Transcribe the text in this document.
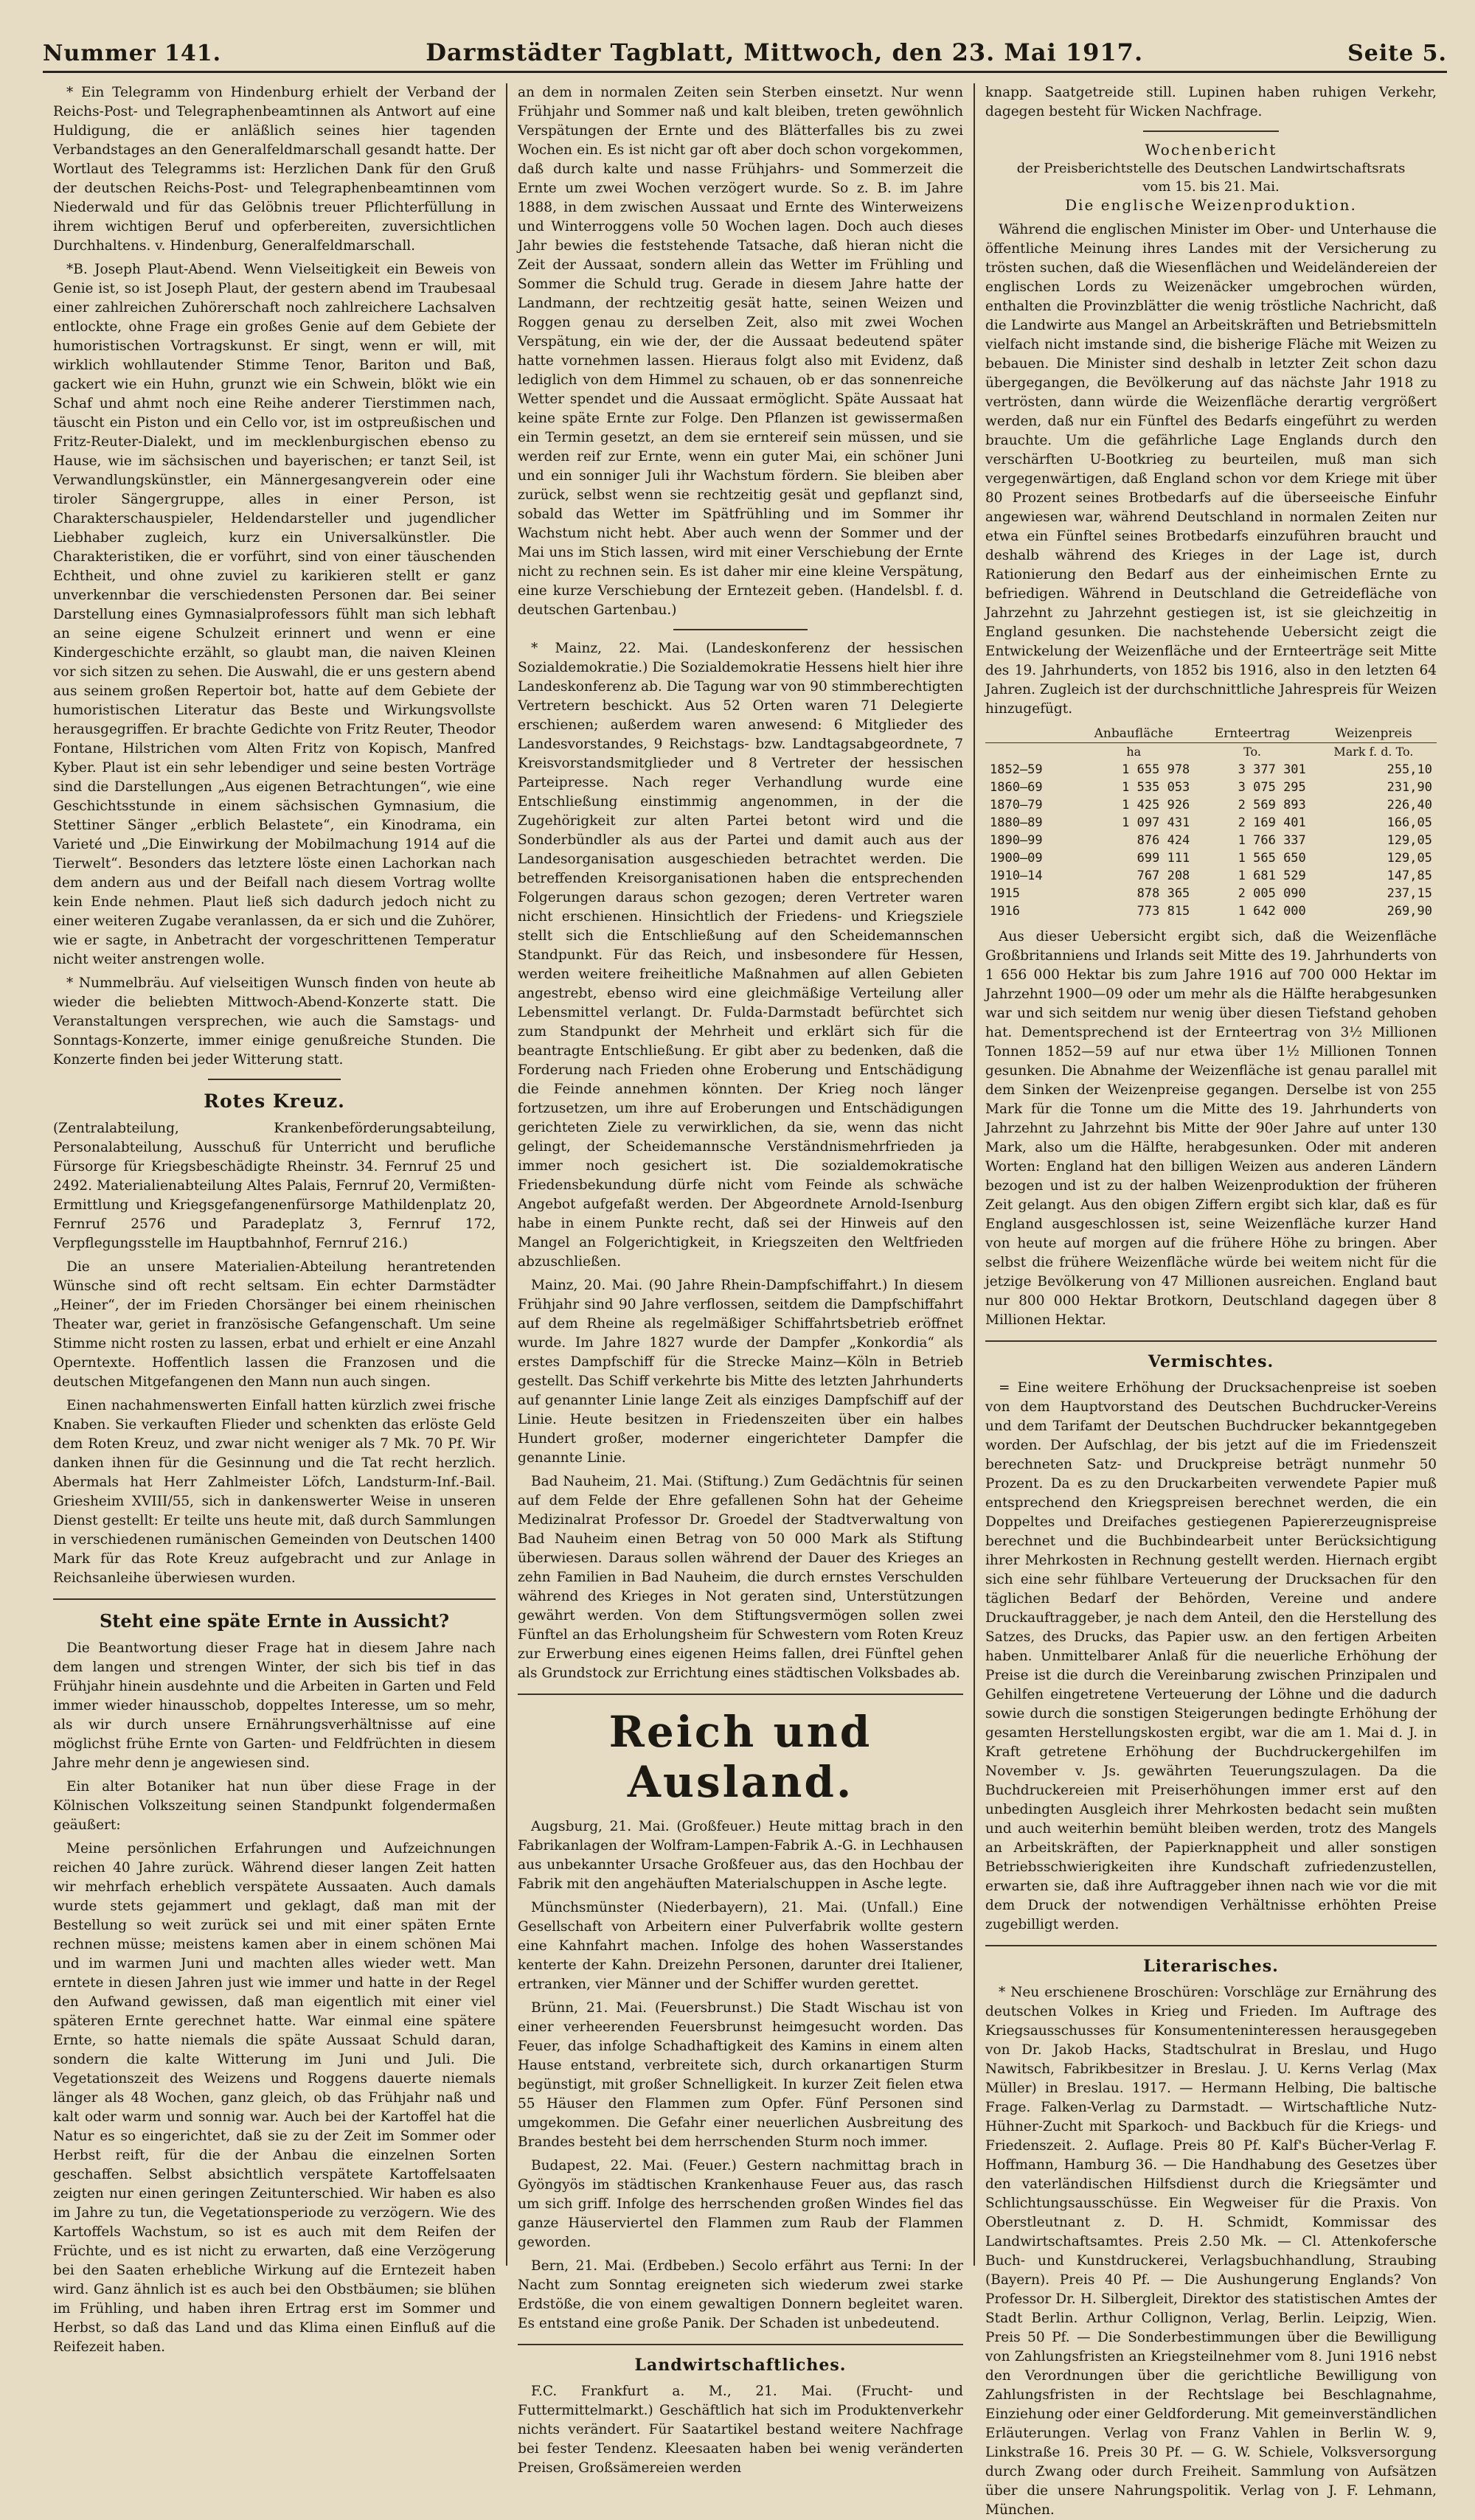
Nummer 141.	Darmstädter Tagblatt, Mittwoch, den 23. Mai 1917.	Seite 5.

* Ein Telegramm von Hindenburg erhielt der Verband der Reichs-Post- und Telegraphenbeamtinnen als Antwort auf eine Huldigung, die er anläßlich seines hier tagenden Verbandstages an den Generalfeldmarschall gesandt hatte. Der Wortlaut des Telegramms ist: Herzlichen Dank für den Gruß der deutschen Reichs-Post- und Telegraphenbeamtinnen vom Niederwald und für das Gelöbnis treuer Pflichterfüllung in ihrem wichtigen Beruf und opferbereiten, zuversichtlichen Durchhaltens. v. Hindenburg, Generalfeldmarschall.

*B. Joseph Plaut-Abend. Wenn Vielseitigkeit ein Beweis von Genie ist, so ist Joseph Plaut, der gestern abend im Traubesaal einer zahlreichen Zuhörerschaft noch zahlreichere Lachsalven entlockte, ohne Frage ein großes Genie auf dem Gebiete der humoristischen Vortragskunst. Er singt, wenn er will, mit wirklich wohllautender Stimme Tenor, Bariton und Baß, gackert wie ein Huhn, grunzt wie ein Schwein, blökt wie ein Schaf und ahmt noch eine Reihe anderer Tierstimmen nach, täuscht ein Piston und ein Cello vor, ist im ostpreußischen und Fritz-Reuter-Dialekt, und im mecklenburgischen ebenso zu Hause, wie im sächsischen und bayerischen; er tanzt Seil, ist Verwandlungskünstler, ein Männergesangverein oder eine tiroler Sängergruppe, alles in einer Person, ist Charakterschauspieler, Heldendarsteller und jugendlicher Liebhaber zugleich, kurz ein Universalkünstler. Die Charakteristiken, die er vorführt, sind von einer täuschenden Echtheit, und ohne zuviel zu karikieren stellt er ganz unverkennbar die verschiedensten Personen dar. Bei seiner Darstellung eines Gymnasialprofessors fühlt man sich lebhaft an seine eigene Schulzeit erinnert und wenn er eine Kindergeschichte erzählt, so glaubt man, die naiven Kleinen vor sich sitzen zu sehen. Die Auswahl, die er uns gestern abend aus seinem großen Repertoir bot, hatte auf dem Gebiete der humoristischen Literatur das Beste und Wirkungsvollste herausgegriffen. Er brachte Gedichte von Fritz Reuter, Theodor Fontane, Hilstrichen vom Alten Fritz von Kopisch, Manfred Kyber. Plaut ist ein sehr lebendiger und seine besten Vorträge sind die Darstellungen „Aus eigenen Betrachtungen“, wie eine Geschichtsstunde in einem sächsischen Gymnasium, die Stettiner Sänger „erblich Belastete“, ein Kinodrama, ein Varieté und „Die Einwirkung der Mobilmachung 1914 auf die Tierwelt“. Besonders das letztere löste einen Lachorkan nach dem andern aus und der Beifall nach diesem Vortrag wollte kein Ende nehmen. Plaut ließ sich dadurch jedoch nicht zu einer weiteren Zugabe veranlassen, da er sich und die Zuhörer, wie er sagte, in Anbetracht der vorgeschrittenen Temperatur nicht weiter anstrengen wolle.

* Nummelbräu. Auf vielseitigen Wunsch finden von heute ab wieder die beliebten Mittwoch-Abend-Konzerte statt. Die Veranstaltungen versprechen, wie auch die Samstags- und Sonntags-Konzerte, immer einige genußreiche Stunden. Die Konzerte finden bei jeder Witterung statt.

Rotes Kreuz.

(Zentralabteilung, Krankenbeförderungsabteilung, Personalabteilung, Ausschuß für Unterricht und berufliche Fürsorge für Kriegsbeschädigte Rheinstr. 34. Fernruf 25 und 2492. Materialienabteilung Altes Palais, Fernruf 20, Vermißten-Ermittlung und Kriegsgefangenenfürsorge Mathildenplatz 20, Fernruf 2576 und Paradeplatz 3, Fernruf 172, Verpflegungsstelle im Hauptbahnhof, Fernruf 216.)

Die an unsere Materialien-Abteilung herantretenden Wünsche sind oft recht seltsam. Ein echter Darmstädter „Heiner“, der im Frieden Chorsänger bei einem rheinischen Theater war, geriet in französische Gefangenschaft. Um seine Stimme nicht rosten zu lassen, erbat und erhielt er eine Anzahl Operntexte. Hoffentlich lassen die Franzosen und die deutschen Mitgefangenen den Mann nun auch singen.

Einen nachahmenswerten Einfall hatten kürzlich zwei frische Knaben. Sie verkauften Flieder und schenkten das erlöste Geld dem Roten Kreuz, und zwar nicht weniger als 7 Mk. 70 Pf. Wir danken ihnen für die Gesinnung und die Tat recht herzlich. Abermals hat Herr Zahlmeister Löfch, Landsturm-Inf.-Bail. Griesheim XVIII/55, sich in dankenswerter Weise in unseren Dienst gestellt: Er teilte uns heute mit, daß durch Sammlungen in verschiedenen rumänischen Gemeinden von Deutschen 1400 Mark für das Rote Kreuz aufgebracht und zur Anlage in Reichsanleihe überwiesen wurden.

Steht eine späte Ernte in Aussicht?

Die Beantwortung dieser Frage hat in diesem Jahre nach dem langen und strengen Winter, der sich bis tief in das Frühjahr hinein ausdehnte und die Arbeiten in Garten und Feld immer wieder hinausschob, doppeltes Interesse, um so mehr, als wir durch unsere Ernährungsverhältnisse auf eine möglichst frühe Ernte von Garten- und Feldfrüchten in diesem Jahre mehr denn je angewiesen sind.

Ein alter Botaniker hat nun über diese Frage in der Kölnischen Volkszeitung seinen Standpunkt folgendermaßen geäußert:

Meine persönlichen Erfahrungen und Aufzeichnungen reichen 40 Jahre zurück. Während dieser langen Zeit hatten wir mehrfach erheblich verspätete Aussaaten. Auch damals wurde stets gejammert und geklagt, daß man mit der Bestellung so weit zurück sei und mit einer späten Ernte rechnen müsse; meistens kamen aber in einem schönen Mai und im warmen Juni und machten alles wieder wett. Man erntete in diesen Jahren just wie immer und hatte in der Regel den Aufwand gewissen, daß man eigentlich mit einer viel späteren Ernte gerechnet hatte. War einmal eine spätere Ernte, so hatte niemals die späte Aussaat Schuld daran, sondern die kalte Witterung im Juni und Juli. Die Vegetationszeit des Weizens und Roggens dauerte niemals länger als 48 Wochen, ganz gleich, ob das Frühjahr naß und kalt oder warm und sonnig war. Auch bei der Kartoffel hat die Natur es so eingerichtet, daß sie zu der Zeit im Sommer oder Herbst reift, für die der Anbau die einzelnen Sorten geschaffen. Selbst absichtlich verspätete Kartoffelsaaten zeigten nur einen geringen Zeitunterschied. Wir haben es also im Jahre zu tun, die Vegetationsperiode zu verzögern. Wie des Kartoffels Wachstum, so ist es auch mit dem Reifen der Früchte, und es ist nicht zu erwarten, daß eine Verzögerung bei den Saaten erhebliche Wirkung auf die Erntezeit haben wird. Ganz ähnlich ist es auch bei den Obstbäumen; sie blühen im Frühling, und haben ihren Ertrag erst im Sommer und Herbst, so daß das Land und das Klima einen Einfluß auf die Reifezeit haben.

an dem in normalen Zeiten sein Sterben einsetzt. Nur wenn Frühjahr und Sommer naß und kalt bleiben, treten gewöhnlich Verspätungen der Ernte und des Blätterfalles bis zu zwei Wochen ein. Es ist nicht gar oft aber doch schon vorgekommen, daß durch kalte und nasse Frühjahrs- und Sommerzeit die Ernte um zwei Wochen verzögert wurde. So z. B. im Jahre 1888, in dem zwischen Aussaat und Ernte des Winterweizens und Winterroggens volle 50 Wochen lagen. Doch auch dieses Jahr bewies die feststehende Tatsache, daß hieran nicht die Zeit der Aussaat, sondern allein das Wetter im Frühling und Sommer die Schuld trug. Gerade in diesem Jahre hatte der Landmann, der rechtzeitig gesät hatte, seinen Weizen und Roggen genau zu derselben Zeit, also mit zwei Wochen Verspätung, ein wie der, der die Aussaat bedeutend später hatte vornehmen lassen. Hieraus folgt also mit Evidenz, daß lediglich von dem Himmel zu schauen, ob er das sonnenreiche Wetter spendet und die Aussaat ermöglicht. Späte Aussaat hat keine späte Ernte zur Folge. Den Pflanzen ist gewissermaßen ein Termin gesetzt, an dem sie erntereif sein müssen, und sie werden reif zur Ernte, wenn ein guter Mai, ein schöner Juni und ein sonniger Juli ihr Wachstum fördern. Sie bleiben aber zurück, selbst wenn sie rechtzeitig gesät und gepflanzt sind, sobald das Wetter im Spätfrühling und im Sommer ihr Wachstum nicht hebt. Aber auch wenn der Sommer und der Mai uns im Stich lassen, wird mit einer Verschiebung der Ernte nicht zu rechnen sein. Es ist daher mir eine kleine Verspätung, eine kurze Verschiebung der Erntezeit geben. (Handelsbl. f. d. deutschen Gartenbau.)

* Mainz, 22. Mai. (Landeskonferenz der hessischen Sozialdemokratie.) Die Sozialdemokratie Hessens hielt hier ihre Landeskonferenz ab. Die Tagung war von 90 stimmberechtigten Vertretern beschickt. Aus 52 Orten waren 71 Delegierte erschienen; außerdem waren anwesend: 6 Mitglieder des Landesvorstandes, 9 Reichstags- bzw. Landtagsabgeordnete, 7 Kreisvorstandsmitglieder und 8 Vertreter der hessischen Parteipresse. Nach reger Verhandlung wurde eine Entschließung einstimmig angenommen, in der die Zugehörigkeit zur alten Partei betont wird und die Sonderbündler als aus der Partei und damit auch aus der Landesorganisation ausgeschieden betrachtet werden. Die betreffenden Kreisorganisationen haben die entsprechenden Folgerungen daraus schon gezogen; deren Vertreter waren nicht erschienen. Hinsichtlich der Friedens- und Kriegsziele stellt sich die Entschließung auf den Scheidemannschen Standpunkt. Für das Reich, und insbesondere für Hessen, werden weitere freiheitliche Maßnahmen auf allen Gebieten angestrebt, ebenso wird eine gleichmäßige Verteilung aller Lebensmittel verlangt. Dr. Fulda-Darmstadt befürchtet sich zum Standpunkt der Mehrheit und erklärt sich für die beantragte Entschließung. Er gibt aber zu bedenken, daß die Forderung nach Frieden ohne Eroberung und Entschädigung die Feinde annehmen könnten. Der Krieg noch länger fortzusetzen, um ihre auf Eroberungen und Entschädigungen gerichteten Ziele zu verwirklichen, da sie, wenn das nicht gelingt, der Scheidemannsche Verständnismehrfrieden ja immer noch gesichert ist. Die sozialdemokratische Friedensbekundung dürfe nicht vom Feinde als schwäche Angebot aufgefaßt werden. Der Abgeordnete Arnold-Isenburg habe in einem Punkte recht, daß sei der Hinweis auf den Mangel an Folgerichtigkeit, in Kriegszeiten den Weltfrieden abzuschließen.

Mainz, 20. Mai. (90 Jahre Rhein-Dampfschiffahrt.) In diesem Frühjahr sind 90 Jahre verflossen, seitdem die Dampfschiffahrt auf dem Rheine als regelmäßiger Schiffahrtsbetrieb eröffnet wurde. Im Jahre 1827 wurde der Dampfer „Konkordia“ als erstes Dampfschiff für die Strecke Mainz—Köln in Betrieb gestellt. Das Schiff verkehrte bis Mitte des letzten Jahrhunderts auf genannter Linie lange Zeit als einziges Dampfschiff auf der Linie. Heute besitzen in Friedenszeiten über ein halbes Hundert großer, moderner eingerichteter Dampfer die genannte Linie.

Bad Nauheim, 21. Mai. (Stiftung.) Zum Gedächtnis für seinen auf dem Felde der Ehre gefallenen Sohn hat der Geheime Medizinalrat Professor Dr. Groedel der Stadtverwaltung von Bad Nauheim einen Betrag von 50 000 Mark als Stiftung überwiesen. Daraus sollen während der Dauer des Krieges an zehn Familien in Bad Nauheim, die durch ernstes Verschulden während des Krieges in Not geraten sind, Unterstützungen gewährt werden. Von dem Stiftungsvermögen sollen zwei Fünftel an das Erholungsheim für Schwestern vom Roten Kreuz zur Erwerbung eines eigenen Heims fallen, drei Fünftel gehen als Grundstock zur Errichtung eines städtischen Volksbades ab.

Reich und Ausland.

Augsburg, 21. Mai. (Großfeuer.) Heute mittag brach in den Fabrikanlagen der Wolfram-Lampen-Fabrik A.-G. in Lechhausen aus unbekannter Ursache Großfeuer aus, das den Hochbau der Fabrik mit den angehäuften Materialschuppen in Asche legte.

Münchsmünster (Niederbayern), 21. Mai. (Unfall.) Eine Gesellschaft von Arbeitern einer Pulverfabrik wollte gestern eine Kahnfahrt machen. Infolge des hohen Wasserstandes kenterte der Kahn. Dreizehn Personen, darunter drei Italiener, ertranken, vier Männer und der Schiffer wurden gerettet.

Brünn, 21. Mai. (Feuersbrunst.) Die Stadt Wischau ist von einer verheerenden Feuersbrunst heimgesucht worden. Das Feuer, das infolge Schadhaftigkeit des Kamins in einem alten Hause entstand, verbreitete sich, durch orkanartigen Sturm begünstigt, mit großer Schnelligkeit. In kurzer Zeit fielen etwa 55 Häuser den Flammen zum Opfer. Fünf Personen sind umgekommen. Die Gefahr einer neuerlichen Ausbreitung des Brandes besteht bei dem herrschenden Sturm noch immer.

Budapest, 22. Mai. (Feuer.) Gestern nachmittag brach in Gyöngyös im städtischen Krankenhause Feuer aus, das rasch um sich griff. Infolge des herrschenden großen Windes fiel das ganze Häuserviertel den Flammen zum Raub der Flammen geworden.

Bern, 21. Mai. (Erdbeben.) Secolo erfährt aus Terni: In der Nacht zum Sonntag ereigneten sich wiederum zwei starke Erdstöße, die von einem gewaltigen Donnern begleitet waren. Es entstand eine große Panik. Der Schaden ist unbedeutend.

Landwirtschaftliches.

F.C. Frankfurt a. M., 21. Mai. (Frucht- und Futtermittelmarkt.) Geschäftlich hat sich im Produktenverkehr nichts verändert. Für Saatartikel bestand weitere Nachfrage bei fester Tendenz. Kleesaaten haben bei wenig veränderten Preisen, Großsämereien werden

knapp. Saatgetreide still. Lupinen haben ruhigen Verkehr, dagegen besteht für Wicken Nachfrage.

Wochenbericht
der Preisberichtstelle des Deutschen Landwirtschaftsrats
vom 15. bis 21. Mai.
Die englische Weizenproduktion.

Während die englischen Minister im Ober- und Unterhause die öffentliche Meinung ihres Landes mit der Versicherung zu trösten suchen, daß die Wiesenflächen und Weideländereien der englischen Lords zu Weizenäcker umgebrochen würden, enthalten die Provinzblätter die wenig tröstliche Nachricht, daß die Landwirte aus Mangel an Arbeitskräften und Betriebsmitteln vielfach nicht imstande sind, die bisherige Fläche mit Weizen zu bebauen. Die Minister sind deshalb in letzter Zeit schon dazu übergegangen, die Bevölkerung auf das nächste Jahr 1918 zu vertrösten, dann würde die Weizenfläche derartig vergrößert werden, daß nur ein Fünftel des Bedarfs eingeführt zu werden brauchte. Um die gefährliche Lage Englands durch den verschärften U-Bootkrieg zu beurteilen, muß man sich vergegenwärtigen, daß England schon vor dem Kriege mit über 80 Prozent seines Brotbedarfs auf die überseeische Einfuhr angewiesen war, während Deutschland in normalen Zeiten nur etwa ein Fünftel seines Brotbedarfs einzuführen braucht und deshalb während des Krieges in der Lage ist, durch Rationierung den Bedarf aus der einheimischen Ernte zu befriedigen. Während in Deutschland die Getreidefläche von Jahrzehnt zu Jahrzehnt gestiegen ist, ist sie gleichzeitig in England gesunken. Die nachstehende Uebersicht zeigt die Entwickelung der Weizenfläche und der Ernteerträge seit Mitte des 19. Jahrhunderts, von 1852 bis 1916, also in den letzten 64 Jahren. Zugleich ist der durchschnittliche Jahrespreis für Weizen hinzugefügt.

	Anbaufläche	Ernteertrag	Weizenpreis
	ha	To.	Mark f. d. To.
1852—59	1 655 978	3 377 301	255,10
1860—69	1 535 053	3 075 295	231,90
1870—79	1 425 926	2 569 893	226,40
1880—89	1 097 431	2 169 401	166,05
1890—99	876 424	1 766 337	129,05
1900—09	699 111	1 565 650	129,05
1910—14	767 208	1 681 529	147,85
1915	878 365	2 005 090	237,15
1916	773 815	1 642 000	269,90

Aus dieser Uebersicht ergibt sich, daß die Weizenfläche Großbritanniens und Irlands seit Mitte des 19. Jahrhunderts von 1 656 000 Hektar bis zum Jahre 1916 auf 700 000 Hektar im Jahrzehnt 1900—09 oder um mehr als die Hälfte herabgesunken war und sich seitdem nur wenig über diesen Tiefstand gehoben hat. Dementsprechend ist der Ernteertrag von 3½ Millionen Tonnen 1852—59 auf nur etwa über 1½ Millionen Tonnen gesunken. Die Abnahme der Weizenfläche ist genau parallel mit dem Sinken der Weizenpreise gegangen. Derselbe ist von 255 Mark für die Tonne um die Mitte des 19. Jahrhunderts von Jahrzehnt zu Jahrzehnt bis Mitte der 90er Jahre auf unter 130 Mark, also um die Hälfte, herabgesunken. Oder mit anderen Worten: England hat den billigen Weizen aus anderen Ländern bezogen und ist zu der halben Weizenproduktion der früheren Zeit gelangt. Aus den obigen Ziffern ergibt sich klar, daß es für England ausgeschlossen ist, seine Weizenfläche kurzer Hand von heute auf morgen auf die frühere Höhe zu bringen. Aber selbst die frühere Weizenfläche würde bei weitem nicht für die jetzige Bevölkerung von 47 Millionen ausreichen. England baut nur 800 000 Hektar Brotkorn, Deutschland dagegen über 8 Millionen Hektar.

Vermischtes.

= Eine weitere Erhöhung der Drucksachenpreise ist soeben von dem Hauptvorstand des Deutschen Buchdrucker-Vereins und dem Tarifamt der Deutschen Buchdrucker bekanntgegeben worden. Der Aufschlag, der bis jetzt auf die im Friedenszeit berechneten Satz- und Druckpreise beträgt nunmehr 50 Prozent. Da es zu den Druckarbeiten verwendete Papier muß entsprechend den Kriegspreisen berechnet werden, die ein Doppeltes und Dreifaches gestiegenen Papiererzeugnispreise berechnet und die Buchbindearbeit unter Berücksichtigung ihrer Mehrkosten in Rechnung gestellt werden. Hiernach ergibt sich eine sehr fühlbare Verteuerung der Drucksachen für den täglichen Bedarf der Behörden, Vereine und andere Druckauftraggeber, je nach dem Anteil, den die Herstellung des Satzes, des Drucks, das Papier usw. an den fertigen Arbeiten haben. Unmittelbarer Anlaß für die neuerliche Erhöhung der Preise ist die durch die Vereinbarung zwischen Prinzipalen und Gehilfen eingetretene Verteuerung der Löhne und die dadurch sowie durch die sonstigen Steigerungen bedingte Erhöhung der gesamten Herstellungskosten ergibt, war die am 1. Mai d. J. in Kraft getretene Erhöhung der Buchdruckergehilfen im November v. Js. gewährten Teuerungszulagen. Da die Buchdruckereien mit Preiserhöhungen immer erst auf den unbedingten Ausgleich ihrer Mehrkosten bedacht sein mußten und auch weiterhin bemüht bleiben werden, trotz des Mangels an Arbeitskräften, der Papierknappheit und aller sonstigen Betriebsschwierigkeiten ihre Kundschaft zufriedenzustellen, erwarten sie, daß ihre Auftraggeber ihnen nach wie vor die mit dem Druck der notwendigen Verhältnisse erhöhten Preise zugebilligt werden.

Literarisches.

* Neu erschienene Broschüren: Vorschläge zur Ernährung des deutschen Volkes in Krieg und Frieden. Im Auftrage des Kriegsausschusses für Konsumenteninteressen herausgegeben von Dr. Jakob Hacks, Stadtschulrat in Breslau, und Hugo Nawitsch, Fabrikbesitzer in Breslau. J. U. Kerns Verlag (Max Müller) in Breslau. 1917. — Hermann Helbing, Die baltische Frage. Falken-Verlag zu Darmstadt. — Wirtschaftliche Nutz-Hühner-Zucht mit Sparkoch- und Backbuch für die Kriegs- und Friedenszeit. 2. Auflage. Preis 80 Pf. Kalf's Bücher-Verlag F. Hoffmann, Hamburg 36. — Die Handhabung des Gesetzes über den vaterländischen Hilfsdienst durch die Kriegsämter und Schlichtungsausschüsse. Ein Wegweiser für die Praxis. Von Oberstleutnant z. D. H. Schmidt, Kommissar des Landwirtschaftsamtes. Preis 2.50 Mk. — Cl. Attenkofersche Buch- und Kunstdruckerei, Verlagsbuchhandlung, Straubing (Bayern). Preis 40 Pf. — Die Aushungerung Englands? Von Professor Dr. H. Silbergleit, Direktor des statistischen Amtes der Stadt Berlin. Arthur Collignon, Verlag, Berlin. Leipzig, Wien. Preis 50 Pf. — Die Sonderbestimmungen über die Bewilligung von Zahlungsfristen an Kriegsteilnehmer vom 8. Juni 1916 nebst den Verordnungen über die gerichtliche Bewilligung von Zahlungsfristen in der Rechtslage bei Beschlagnahme, Einziehung oder einer Geldforderung. Mit gemeinverständlichen Erläuterungen. Verlag von Franz Vahlen in Berlin W. 9, Linkstraße 16. Preis 30 Pf. — G. W. Schiele, Volksversorgung durch Zwang oder durch Freiheit. Sammlung von Aufsätzen über die unsere Nahrungspolitik. Verlag von J. F. Lehmann, München.
